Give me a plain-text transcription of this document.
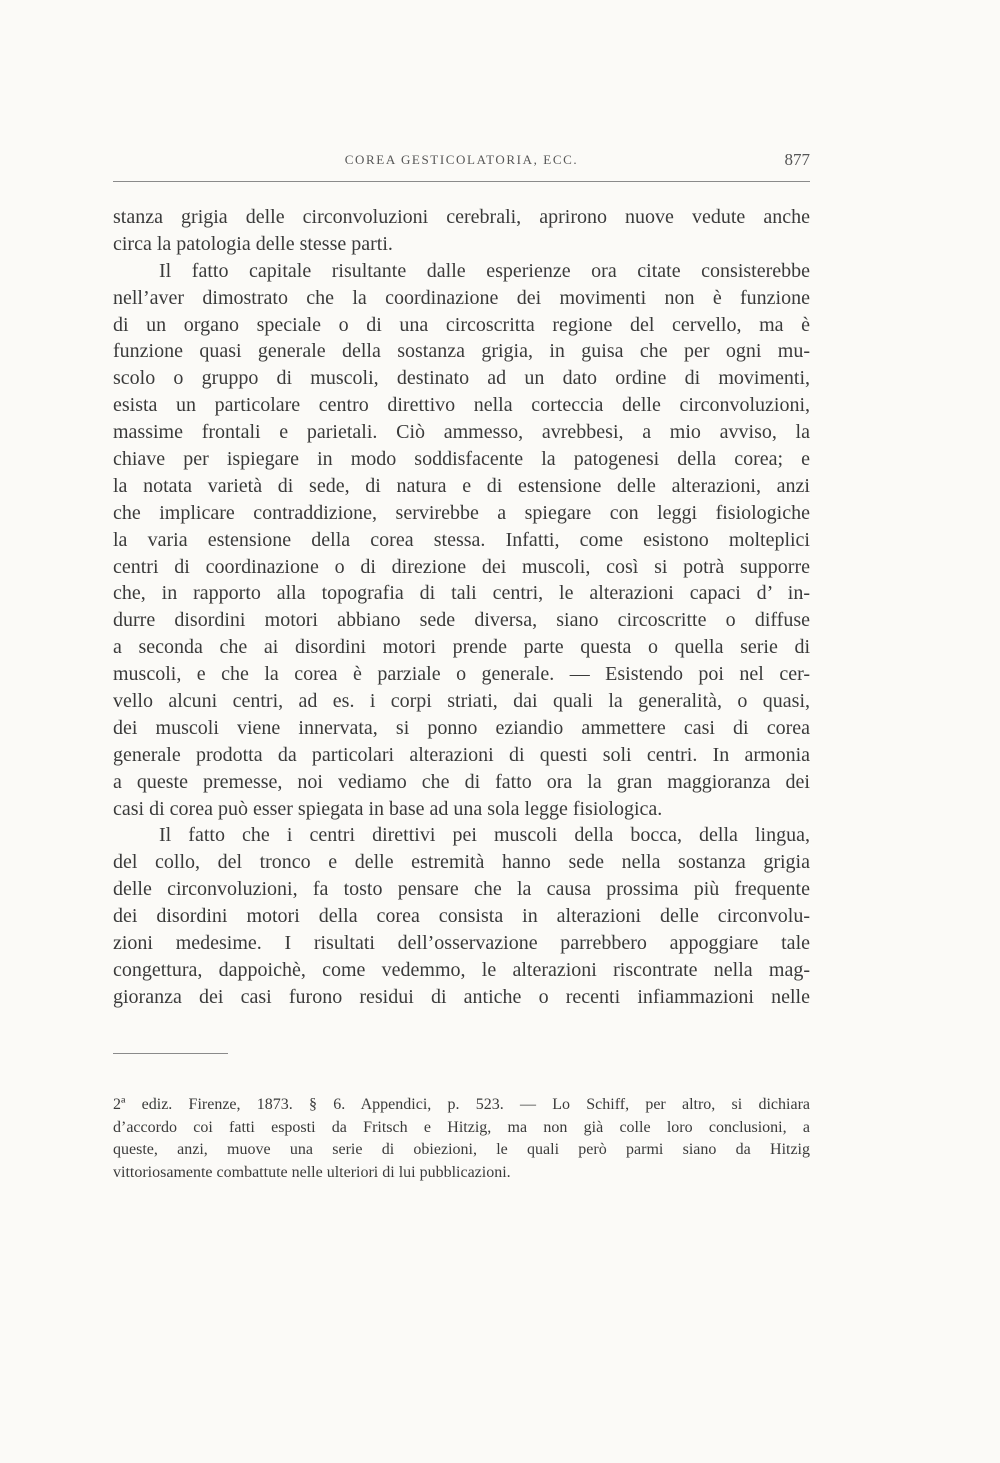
COREA GESTICOLATORIA, ECC.	877
stanza grigia delle circonvoluzioni cerebrali, aprirono nuove vedute anche
circa la patologia delle stesse parti.
Il fatto capitale risultante dalle esperienze ora citate consisterebbe
nell’aver dimostrato che la coordinazione dei movimenti non è funzione
di un organo speciale o di una circoscritta regione del cervello, ma è
funzione quasi generale della sostanza grigia, in guisa che per ogni mu-
scolo o gruppo di muscoli, destinato ad un dato ordine di movimenti,
esista un particolare centro direttivo nella corteccia delle circonvoluzioni,
massime frontali e parietali. Ciò ammesso, avrebbesi, a mio avviso, la
chiave per ispiegare in modo soddisfacente la patogenesi della corea; e
la notata varietà di sede, di natura e di estensione delle alterazioni, anzi
che implicare contraddizione, servirebbe a spiegare con leggi fisiologiche
la varia estensione della corea stessa. Infatti, come esistono molteplici
centri di coordinazione o di direzione dei muscoli, così si potrà supporre
che, in rapporto alla topografia di tali centri, le alterazioni capaci d’ in-
durre disordini motori abbiano sede diversa, siano circoscritte o diffuse
a seconda che ai disordini motori prende parte questa o quella serie di
muscoli, e che la corea è parziale o generale. — Esistendo poi nel cer-
vello alcuni centri, ad es. i corpi striati, dai quali la generalità, o quasi,
dei muscoli viene innervata, si ponno eziandio ammettere casi di corea
generale prodotta da particolari alterazioni di questi soli centri. In armonia
a queste premesse, noi vediamo che di fatto ora la gran maggioranza dei
casi di corea può esser spiegata in base ad una sola legge fisiologica.
Il fatto che i centri direttivi pei muscoli della bocca, della lingua,
del collo, del tronco e delle estremità hanno sede nella sostanza grigia
delle circonvoluzioni, fa tosto pensare che la causa prossima più frequente
dei disordini motori della corea consista in alterazioni delle circonvolu-
zioni medesime. I risultati dell’osservazione parrebbero appoggiare tale
congettura, dappoichè, come vedemmo, le alterazioni riscontrate nella mag-
gioranza dei casi furono residui di antiche o recenti infiammazioni nelle
2ª ediz. Firenze, 1873. § 6. Appendici, p. 523. — Lo Schiff, per altro, si dichiara
d’accordo coi fatti esposti da Fritsch e Hitzig, ma non già colle loro conclusioni, a
queste, anzi, muove una serie di obiezioni, le quali però parmi siano da Hitzig
vittoriosamente combattute nelle ulteriori di lui pubblicazioni.
